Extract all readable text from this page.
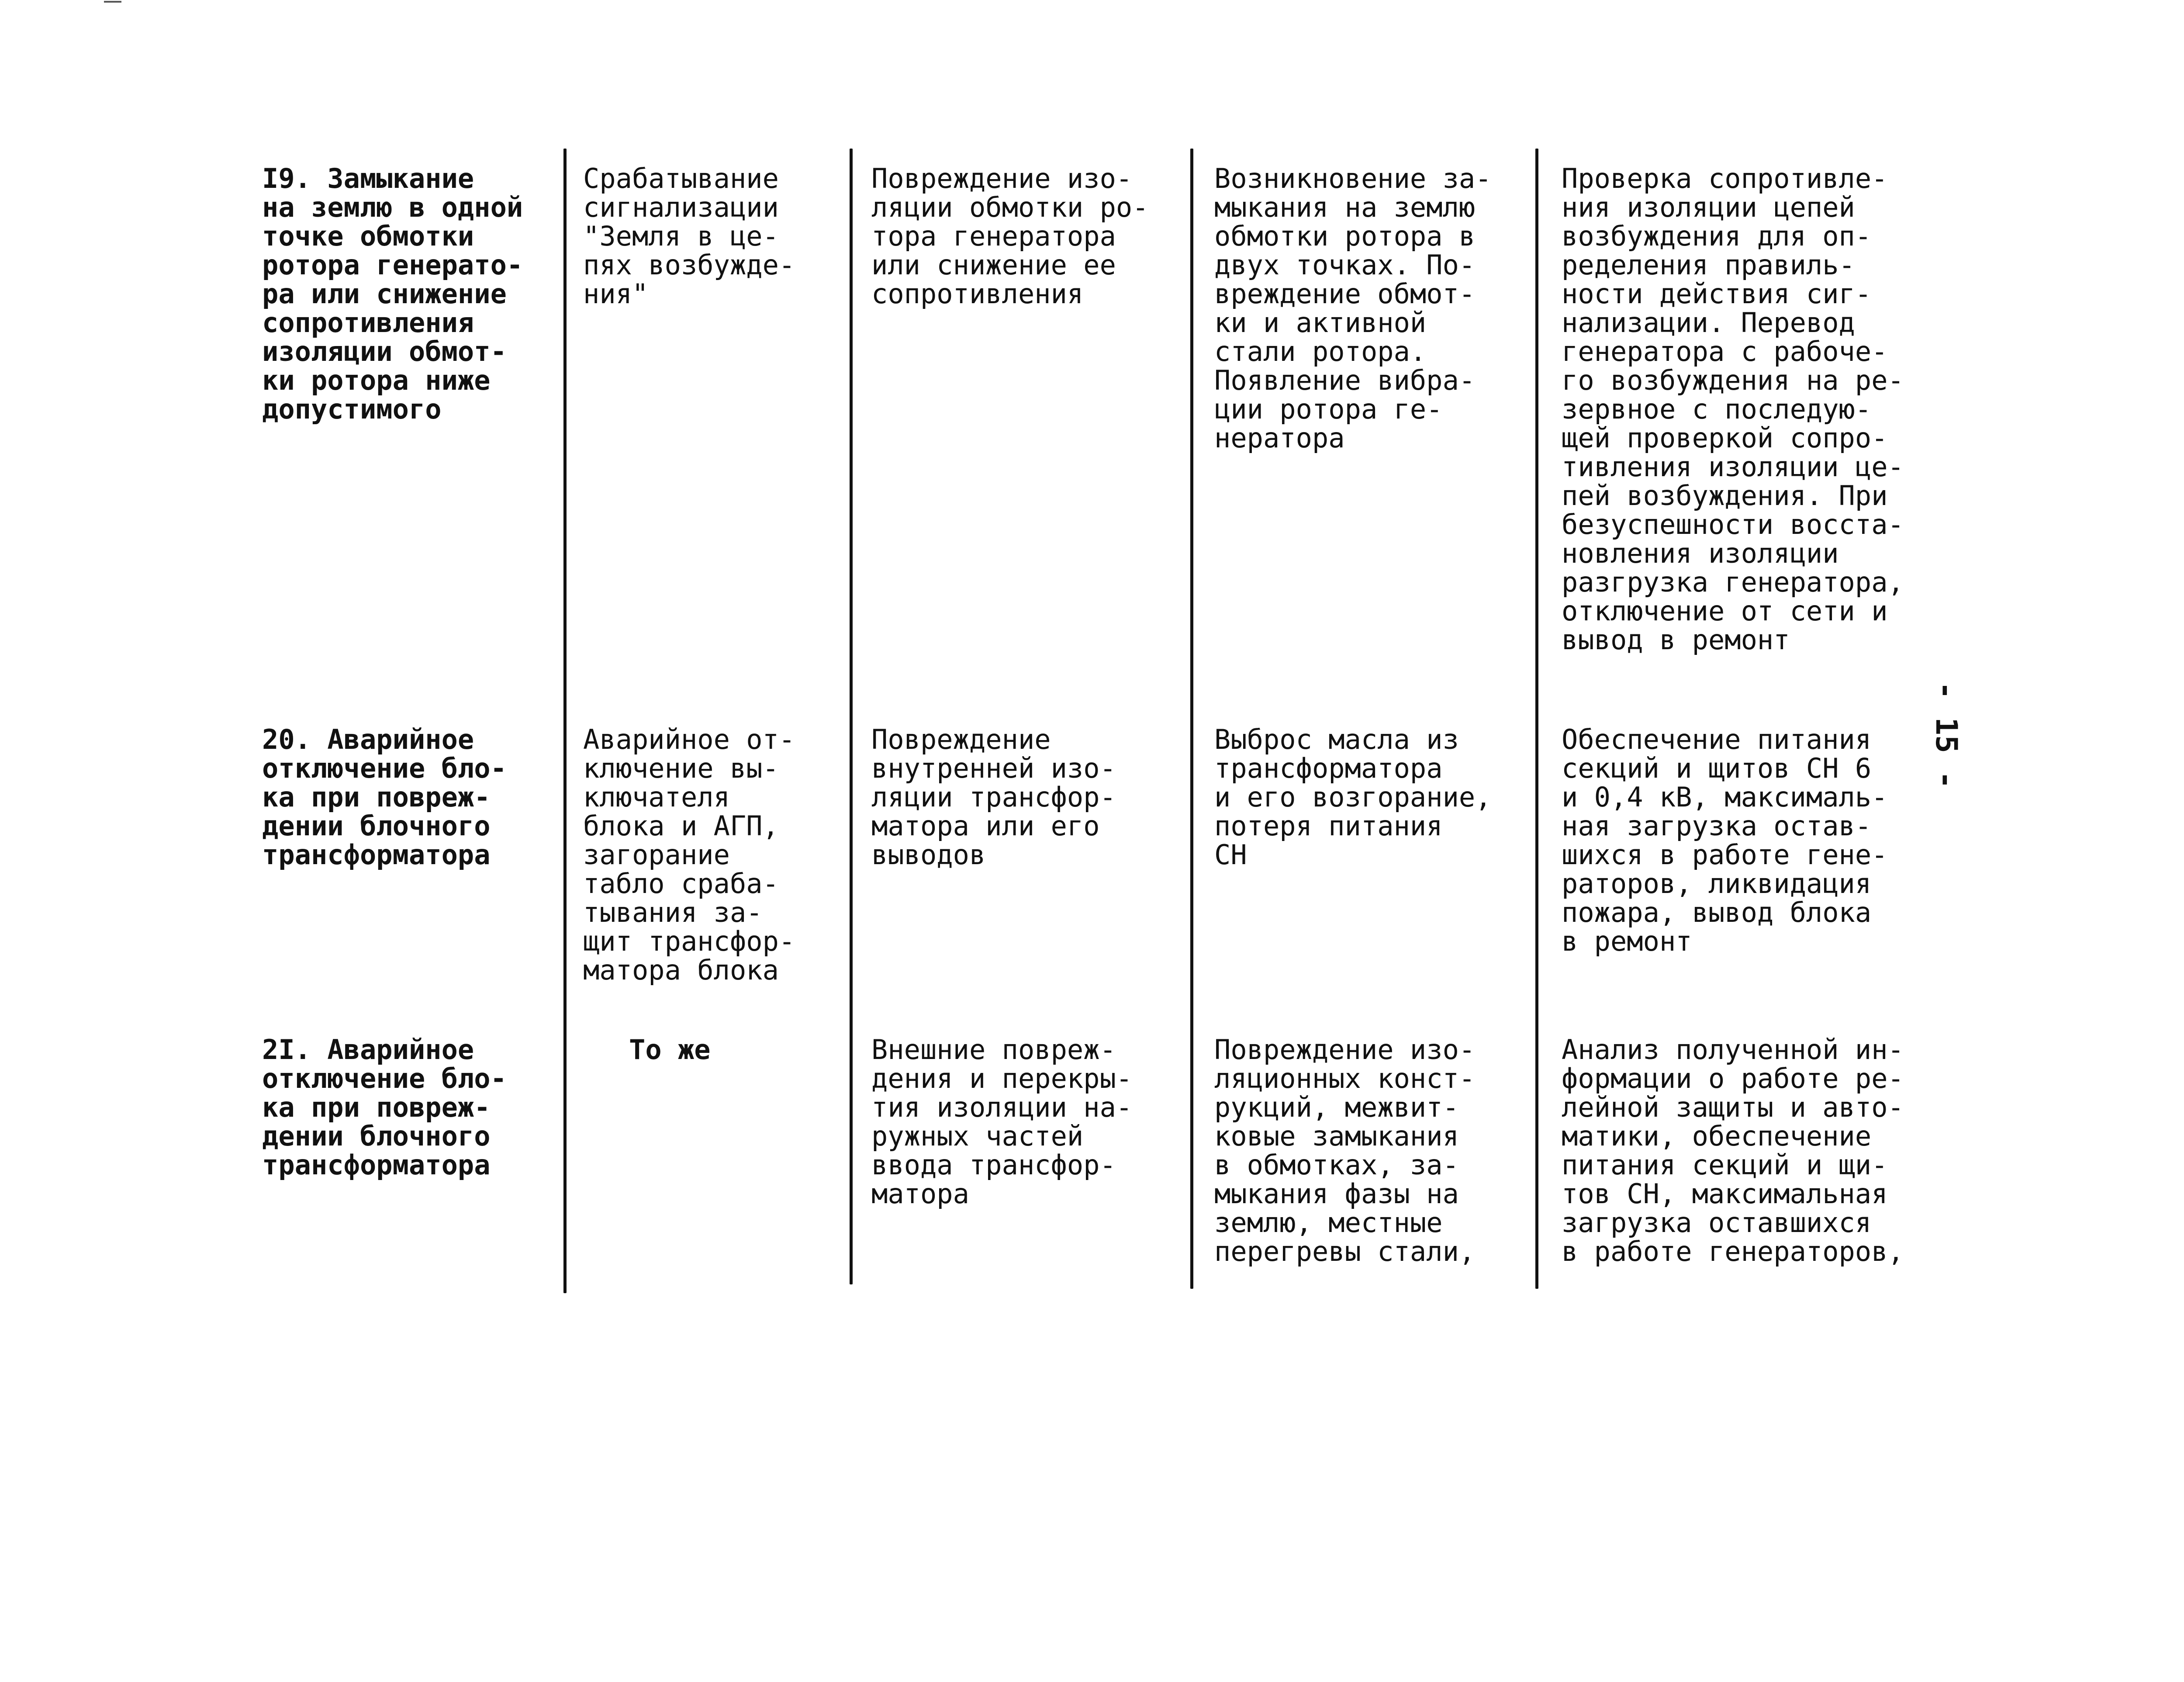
I9. Замыкание
на землю в одной
точке обмотки
ротора генерато-
ра или снижение
сопротивления
изоляции обмот-
ки ротора ниже
допустимого
Срабатывание
сигнализации
"Земля в це-
пях возбужде-
ния"
Повреждение изо-
ляции обмотки ро-
тора генератора
или снижение ее
сопротивления
Возникновение за-
мыкания на землю
обмотки ротора в
двух точках. По-
вреждение обмот-
ки и активной
стали ротора.
Появление вибра-
ции ротора ге-
нератора
Проверка сопротивле-
ния изоляции цепей
возбуждения для оп-
ределения правиль-
ности действия сиг-
нализации. Перевод
генератора с рабоче-
го возбуждения на ре-
зервное с последую-
щей проверкой сопро-
тивления изоляции це-
пей возбуждения. При
безуспешности восста-
новления изоляции
разгрузка генератора,
отключение от сети и
вывод в ремонт
20. Аварийное
отключение бло-
ка при повреж-
дении блочного
трансформатора
Аварийное от-
ключение вы-
ключателя
блока и АГП,
загорание
табло сраба-
тывания за-
щит трансфор-
матора блока
Повреждение
внутренней изо-
ляции трансфор-
матора или его
выводов
Выброс масла из
трансформатора
и его возгорание,
потеря питания
СН
Обеспечение питания
секций и щитов СН 6
и 0,4 кВ, максималь-
ная загрузка остав-
шихся в работе гене-
раторов, ликвидация
пожара, вывод блока
в ремонт
2I. Аварийное
отключение бло-
ка при повреж-
дении блочного
трансформатора
То же	Внешние повреж-
дения и перекры-
тия изоляции на-
ружных частей
ввода трансфор-
матора
Повреждение изо-
ляционных конст-
рукций, межвит-
ковые замыкания
в обмотках, за-
мыкания фазы на
землю, местные
перегревы стали,
Анализ полученной ин-
формации о работе ре-
лейной защиты и авто-
матики, обеспечение
питания секций и щи-
тов СН, максимальная
загрузка оставшихся
в работе генераторов,
- 15 -
